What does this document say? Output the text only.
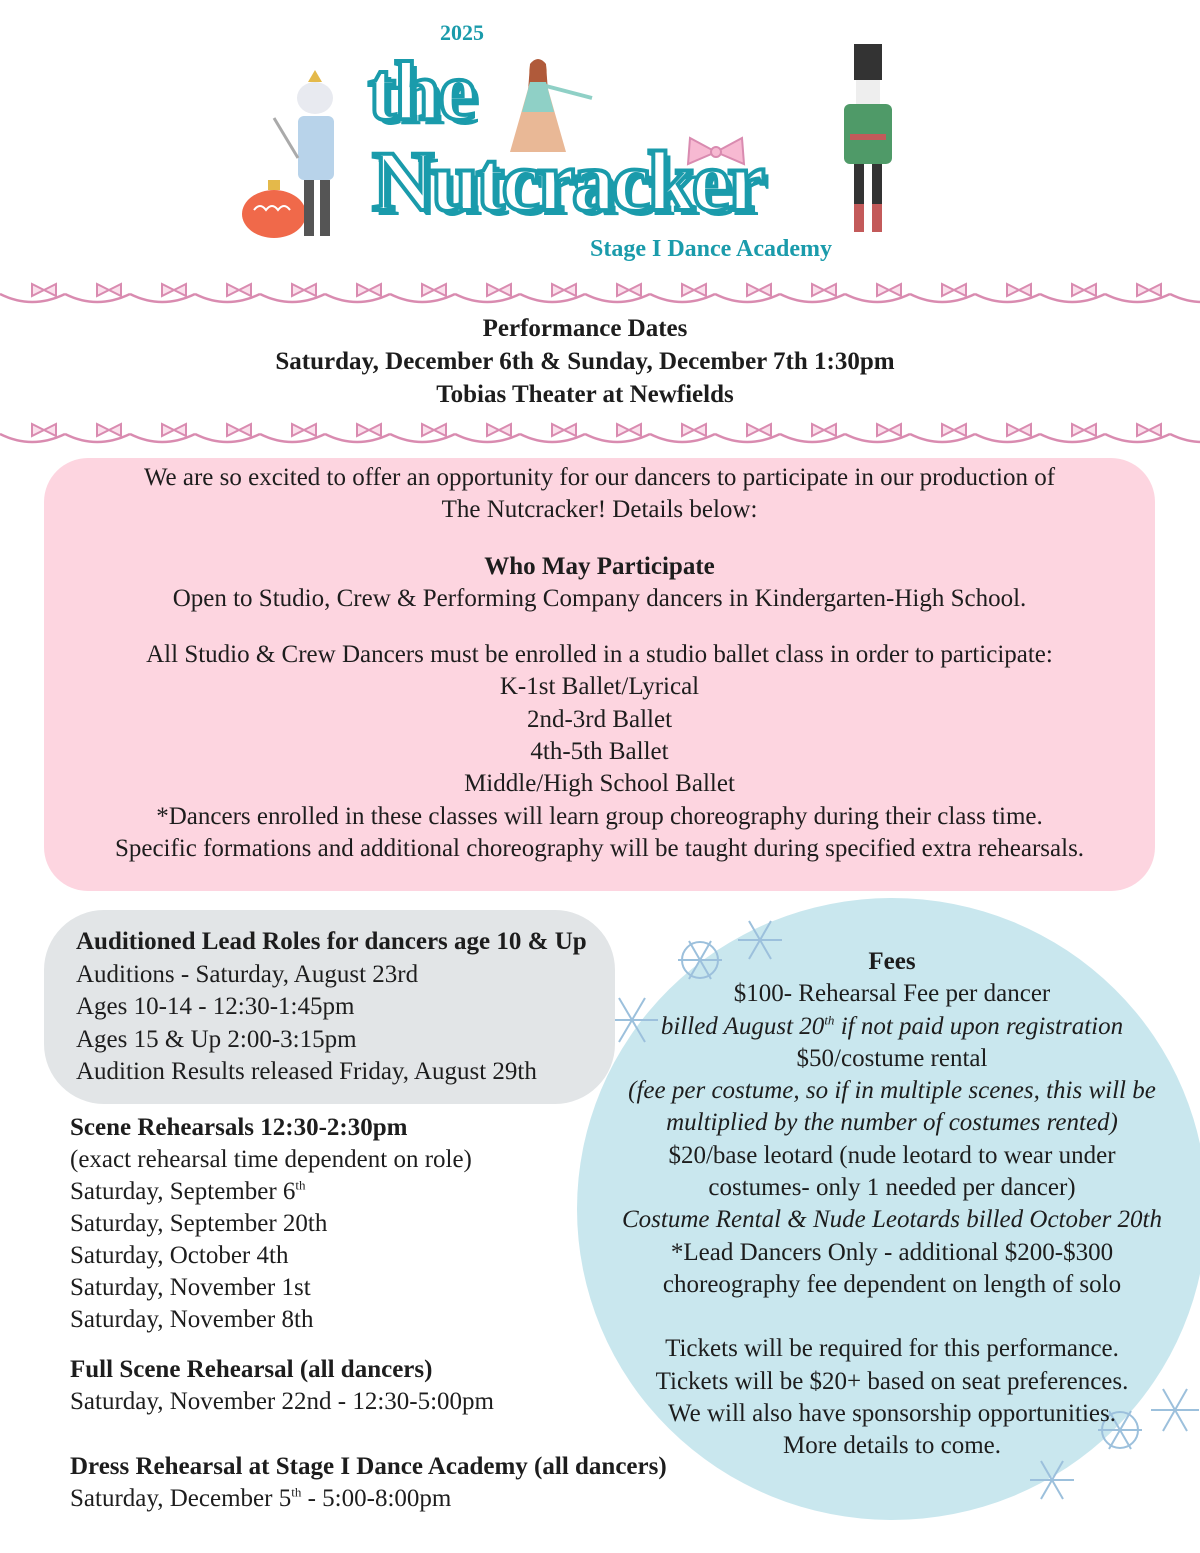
2025
the
Nutcracker
Stage I Dance Academy

Performance Dates

Saturday, December 6th & Sunday, December 7th 1:30pm

Tobias Theater at Newfields

We are so excited to offer an opportunity for our dancers to participate in our production of

The Nutcracker! Details below:

Who May Participate

Open to Studio, Crew & Performing Company dancers in Kindergarten-High School.

All Studio & Crew Dancers must be enrolled in a studio ballet class in order to participate:

K-1st Ballet/Lyrical

2nd-3rd Ballet

4th-5th Ballet

Middle/High School Ballet

*Dancers enrolled in these classes will learn group choreography during their class time.

Specific formations and additional choreography will be taught during specified extra rehearsals.

Fees

$100- Rehearsal Fee per dancer

billed August 20th if not paid upon registration

$50/costume rental

(fee per costume, so if in multiple scenes, this will be

multiplied by the number of costumes rented)

$20/base leotard (nude leotard to wear under

costumes- only 1 needed per dancer)

Costume Rental & Nude Leotards billed October 20th

*Lead Dancers Only - additional $200-$300

choreography fee dependent on length of solo

Tickets will be required for this performance.

Tickets will be $20+ based on seat preferences.

We will also have sponsorship opportunities.

More details to come.

Auditioned Lead Roles for dancers age 10 & Up

Auditions - Saturday, August 23rd

Ages 10-14 - 12:30-1:45pm

Ages 15 & Up 2:00-3:15pm

Audition Results released Friday, August 29th

Scene Rehearsals 12:30-2:30pm

(exact rehearsal time dependent on role)

Saturday, September 6th

Saturday, September 20th

Saturday, October 4th

Saturday, November 1st

Saturday, November 8th

Full Scene Rehearsal (all dancers)

Saturday, November 22nd - 12:30-5:00pm

Dress Rehearsal at Stage I Dance Academy (all dancers)

Saturday, December 5th - 5:00-8:00pm
